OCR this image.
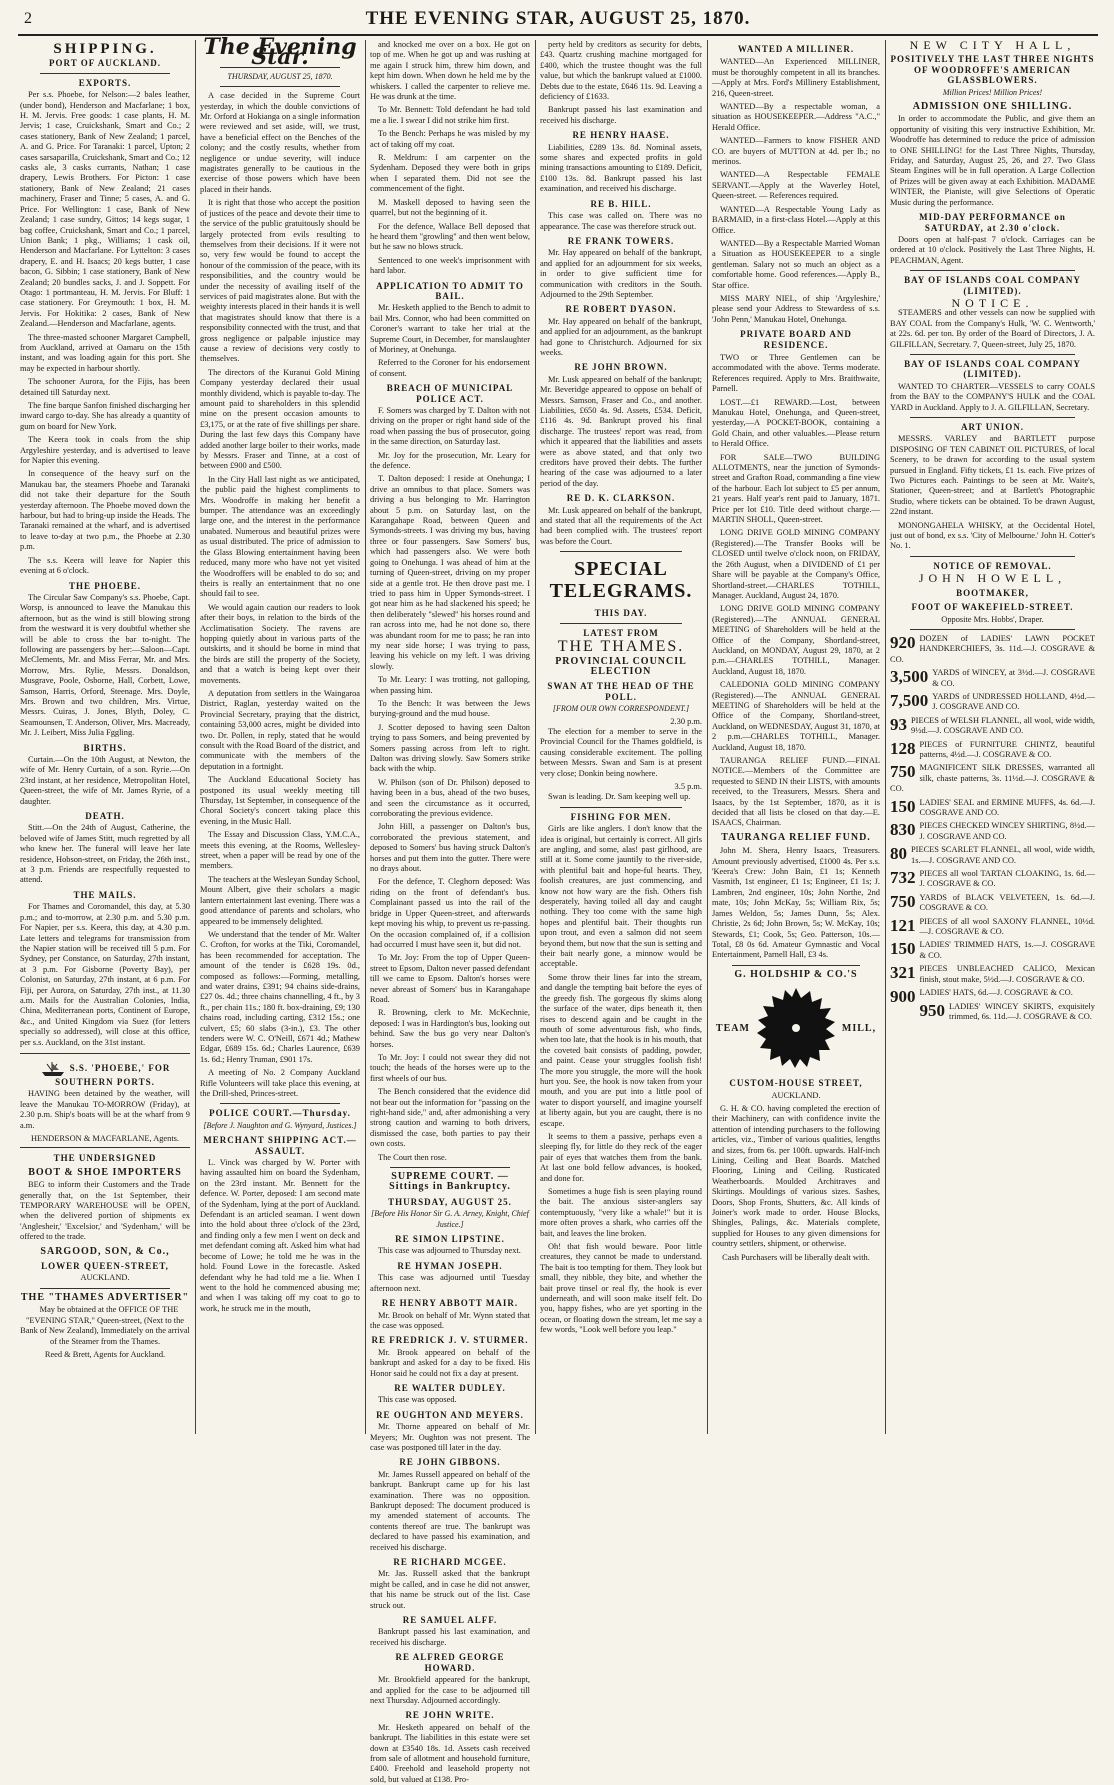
2	THE EVENING STAR, AUGUST 25, 1870.
SHIPPING.
PORT OF AUCKLAND.
EXPORTS.

Per s.s. Phoebe, for Nelson:—2 bales leather, (under bond), Henderson and Macfarlane; 1 box, H. M. Jervis. Free goods: 1 case plants, H. M. Jervis; 1 case, Cruickshank, Smart and Co.; 2 cases stationery, Bank of New Zealand; 1 parcel, A. and G. Price. For Taranaki: 1 parcel, Upton; 2 cases sarsaparilla, Cruickshank, Smart and Co.; 12 casks ale, 3 casks currants, Nathan; 1 case drapery, Lewis Brothers. For Picton: 1 case stationery, Bank of New Zealand; 21 cases machinery, Fraser and Tinne; 5 cases, A. and G. Price. For Wellington: 1 case, Bank of New Zealand; 1 case sundry, Gittos; 14 kegs sugar, 1 bag coffee, Cruickshank, Smart and Co.; 1 parcel, Union Bank; 1 pkg., Williams; 1 cask oil, Henderson and Macfarlane. For Lyttelton: 3 cases drapery, E. and H. Isaacs; 20 kegs butter, 1 case bacon, G. Sibbin; 1 case stationery, Bank of New Zealand; 20 bundles sacks, J. and J. Soppett. For Otago: 1 portmanteau, H. M. Jervis. For Bluff: 1 case stationery. For Greymouth: 1 box, H. M. Jervis. For Hokitika: 2 cases, Bank of New Zealand.—Henderson and Macfarlane, agents.

The three-masted schooner Margaret Campbell, from Auckland, arrived at Oamaru on the 15th instant, and was loading again for this port. She may be expected in harbour shortly.

The schooner Aurora, for the Fijis, has been detained till Saturday next.

The fine barque Sanfon finished discharging her inward cargo to-day. She has already a quantity of gum on board for New York.

The Keera took in coals from the ship Argyleshire yesterday, and is advertised to leave for Napier this evening.

In consequence of the heavy surf on the Manukau bar, the steamers Phoebe and Taranaki did not take their departure for the South yesterday afternoon. The Phoebe moved down the harbour, but had to bring-up inside the Heads. The Taranaki remained at the wharf, and is advertised to leave to-day at two p.m., the Phoebe at 2.30 p.m.

The s.s. Keera will leave for Napier this evening at 6 o'clock.

THE PHOEBE.

The Circular Saw Company's s.s. Phoebe, Capt. Worsp, is announced to leave the Manukau this afternoon, but as the wind is still blowing strong from the westward it is very doubtful whether she will be able to cross the bar to-night. The following are passengers by her:—Saloon—Capt. McClements, Mr. and Miss Ferrar, Mr. and Mrs. Morrow, Mrs. Rylie, Messrs. Donaldson, Musgrave, Poole, Osborne, Hall, Corbett, Lowe, Samson, Harris, Orford, Steenage. Mrs. Doyle, Mrs. Brown and two children, Mrs. Virtue, Messrs. Cuiras, J. Jones, Blyth, Doley, C. Seamounsen, T. Anderson, Oliver, Mrs. Macready, Mr. J. Leibert, Miss Julia Fggling.

BIRTHS.

Curtain.—On the 10th August, at Newton, the wife of Mr. Henry Curtain, of a son. Ryrie.—On 23rd instant, at her residence, Metropolitan Hotel, Queen-street, the wife of Mr. James Ryrie, of a daughter.

DEATH.

Stitt.—On the 24th of August, Catherine, the beloved wife of James Stitt, much regretted by all who knew her. The funeral will leave her late residence, Hobson-street, on Friday, the 26th inst., at 3 p.m. Friends are respectfully requested to attend.

THE MAILS.

For Thames and Coromandel, this day, at 5.30 p.m.; and to-morrow, at 2.30 p.m. and 5.30 p.m. For Napier, per s.s. Keera, this day, at 4.30 p.m. Late letters and telegrams for transmission from the Napier station will be received till 5 p.m. For Sydney, per Constance, on Saturday, 27th instant, at 3 p.m. For Gisborne (Poverty Bay), per Colonist, on Saturday, 27th instant, at 6 p.m. For Fiji, per Aurora, on Saturday, 27th inst., at 11.30 a.m. Mails for the Australian Colonies, India, China, Mediterranean ports, Continent of Europe, &c., and United Kingdom via Suez (for letters specially so addressed), will close at this office, per s.s. Auckland, on the 31st instant.

S.S. 'PHOEBE,' FOR SOUTHERN PORTS.

HAVING been detained by the weather, will leave the Manukau TO-MORROW (Friday), at 2.30 p.m. Ship's boats will be at the wharf from 9 a.m.

HENDERSON & MACFARLANE, Agents.
THE UNDERSIGNED
BOOT & SHOE IMPORTERS

BEG to inform their Customers and the Trade generally that, on the 1st September, their TEMPORARY WAREHOUSE will be OPEN, when the delivered portion of shipments ex 'Anglesheir,' 'Excelsior,' and 'Sydenham,' will be offered to the trade.

SARGOOD, SON, & Co.,
LOWER QUEEN-STREET,
AUCKLAND.
THE "THAMES ADVERTISER"

May be obtained at the OFFICE OF THE "EVENING STAR," Queen-street, (Next to the Bank of New Zealand), Immediately on the arrival of the Steamer from the Thames.

Reed & Brett, Agents for Auckland.
The Evening Star.
THURSDAY, AUGUST 25, 1870.

A case decided in the Supreme Court yesterday, in which the double convictions of Mr. Orford at Hokianga on a single information were reviewed and set aside, will, we trust, have a beneficial effect on the Benches of the colony; and the costly results, whether from negligence or undue severity, will induce magistrates generally to be cautious in the exercise of those powers which have been placed in their hands.

It is right that those who accept the position of justices of the peace and devote their time to the service of the public gratuitously should be largely protected from evils resulting to themselves from their decisions. If it were not so, very few would be found to accept the honour of the commission of the peace, with its responsibilities, and the country would be under the necessity of availing itself of the services of paid magistrates alone. But with the weighty interests placed in their hands it is well that magistrates should know that there is a responsibility connected with the trust, and that gross negligence or palpable injustice may cause a review of decisions very costly to themselves.

The directors of the Kuranui Gold Mining Company yesterday declared their usual monthly dividend, which is payable to-day. The amount paid to shareholders in this splendid mine on the present occasion amounts to £3,175, or at the rate of five shillings per share. During the last few days this Company have added another large boiler to their works, made by Messrs. Fraser and Tinne, at a cost of between £900 and £500.

In the City Hall last night as we anticipated, the public paid the highest compliments to Mrs. Woodroffe in making her benefit a bumper. The attendance was an exceedingly large one, and the interest in the performance unabated. Numerous and beautiful prizes were as usual distributed. The price of admission to the Glass Blowing entertainment having been reduced, many more who have not yet visited the Woodroffers will be enabled to do so; and theirs is really an entertainment that no one should fail to see.

We would again caution our readers to look after their boys, in relation to the birds of the Acclimatisation Society. The ravens are hopping quietly about in various parts of the outskirts, and it should be borne in mind that the birds are still the property of the Society, and that a watch is being kept over their movements.

A deputation from settlers in the Waingaroa District, Raglan, yesterday waited on the Provincial Secretary, praying that the district, containing 53,000 acres, might be divided into two. Dr. Pollen, in reply, stated that he would consult with the Road Board of the district, and communicate with the members of the deputation in a fortnight.

The Auckland Educational Society has postponed its usual weekly meeting till Thursday, 1st September, in consequence of the Choral Society's concert taking place this evening, in the Music Hall.

The Essay and Discussion Class, Y.M.C.A., meets this evening, at the Rooms, Wellesley-street, when a paper will be read by one of the members.

The teachers at the Wesleyan Sunday School, Mount Albert, give their scholars a magic lantern entertainment last evening. There was a good attendance of parents and scholars, who appeared to be immensely delighted.

We understand that the tender of Mr. Walter C. Crofton, for works at the Tiki, Coromandel, has been recommended for acceptation. The amount of the tender is £628 19s. 0d., composed as follows:—Forming, metalling, and water drains, £391; 94 chains side-drains, £27 0s. 4d.; three chains channelling, 4 ft., by 3 ft., per chain 11s.; 180 ft. box-draining, £9; 130 chains road, including carting, £312 15s.; one culvert, £5; 60 slabs (3-in.), £3. The other tenders were W. C. O'Neill, £671 4d.; Mathew Edgar, £689 15s. 6d.; Charles Laurence, £639 1s. 6d.; Henry Truman, £901 17s.

A meeting of No. 2 Company Auckland Rifle Volunteers will take place this evening, at the Drill-shed, Princes-street.

POLICE COURT.—Thursday.
[Before J. Naughton and G. Wynyard, Justices.]
MERCHANT SHIPPING ACT.—ASSAULT.

L. Vinck was charged by W. Porter with having assaulted him on board the Sydenham, on the 23rd instant. Mr. Bennett for the defence. W. Porter, deposed: I am second mate of the Sydenham, lying at the port of Auckland. Defendant is an articled seaman. I went down into the hold about three o'clock of the 23rd, and finding only a few men I went on deck and met defendant coming aft. Asked him what had become of Lowe; he told me he was in the hold. Found Lowe in the forecastle. Asked defendant why he had told me a lie. When I went to the hold he commenced abusing me; and when I was taking off my coat to go to work, he struck me in the mouth,

and knocked me over on a box. He got on top of me. When he got up and was rushing at me again I struck him, threw him down, and kept him down. When down he held me by the whiskers. I called the carpenter to relieve me. He was drunk at the time.

To Mr. Bennett: Told defendant he had told me a lie. I swear I did not strike him first.

To the Bench: Perhaps he was misled by my act of taking off my coat.

R. Meldrum: I am carpenter on the Sydenham. Deposed they were both in grips when I separated them. Did not see the commencement of the fight.

M. Maskell deposed to having seen the quarrel, but not the beginning of it.

For the defence, Wallace Bell deposed that he heard them "growling" and then went below, but he saw no blows struck.

Sentenced to one week's imprisonment with hard labor.

APPLICATION TO ADMIT TO BAIL.

Mr. Hesketh applied to the Bench to admit to bail Mrs. Connor, who had been committed on Coroner's warrant to take her trial at the Supreme Court, in December, for manslaughter of Moriney, at Onehunga.

Referred to the Coroner for his endorsement of consent.

BREACH OF MUNICIPAL POLICE ACT.

F. Somers was charged by T. Dalton with not driving on the proper or right hand side of the road when passing the bus of prosecutor, going in the same direction, on Saturday last.

Mr. Joy for the prosecution, Mr. Leary for the defence.

T. Dalton deposed: I reside at Onehunga; I drive an omnibus to that place. Somers was driving a bus belonging to Mr. Harrington about 5 p.m. on Saturday last, on the Karangahape Road, between Queen and Symonds-streets. I was driving my bus, having three or four passengers. Saw Somers' bus, which had passengers also. We were both going to Onehunga. I was ahead of him at the turning of Queen-street, driving on my proper side at a gentle trot. He then drove past me. I tried to pass him in Upper Symonds-street. I got near him as he had slackened his speed; he then deliberately "slewed" his horses round and ran across into me, had he not done so, there was abundant room for me to pass; he ran into my near side horse; I was trying to pass, leaving his vehicle on my left. I was driving slowly.

To Mr. Leary: I was trotting, not galloping, when passing him.

To the Bench: It was between the Jews burying-ground and the mud house.

J. Scotter deposed to having seen Dalton trying to pass Somers, and being prevented by Somers passing across from left to right. Dalton was driving slowly. Saw Somers strike back with the whip.

W. Philson (son of Dr. Philson) deposed to having been in a bus, ahead of the two buses, and seen the circumstance as it occurred, corroborating the previous evidence.

John Hill, a passenger on Dalton's bus, corroborated the previous statement, and deposed to Somers' bus having struck Dalton's horses and put them into the gutter. There were no drays about.

For the defence, T. Cleghorn deposed: Was riding on the front of defendant's bus. Complainant passed us into the rail of the bridge in Upper Queen-street, and afterwards kept moving his whip, to prevent us re-passing. On the occasion complained of, if a collision had occurred I must have seen it, but did not.

To Mr. Joy: From the top of Upper Queen-street to Epsom, Dalton never passed defendant till we came to Epsom. Dalton's horses were never abreast of Somers' bus in Karangahape Road.

R. Browning, clerk to Mr. McKechnie, deposed: I was in Hardington's bus, looking out behind. Saw the bus go very near Dalton's horses.

To Mr. Joy: I could not swear they did not touch; the heads of the horses were up to the first wheels of our bus.

The Bench considered that the evidence did not bear out the information for "passing on the right-hand side," and, after admonishing a very strong caution and warning to both drivers, dismissed the case, both parties to pay their own costs.

The Court then rose.

SUPREME COURT. — Sittings in Bankruptcy.
THURSDAY, AUGUST 25.
[Before His Honor Sir G. A. Arney, Knight, Chief Justice.]
RE SIMON LIPSTINE.

This case was adjourned to Thursday next.

RE HYMAN JOSEPH.

This case was adjourned until Tuesday afternoon next.

RE HENRY ABBOTT MAIR.

Mr. Brook on behalf of Mr. Wynn stated that the case was opposed.

RE FREDRICK J. V. STURMER.

Mr. Brook appeared on behalf of the bankrupt and asked for a day to be fixed. His Honor said he could not fix a day at present.

RE WALTER DUDLEY.

This case was opposed.

RE OUGHTON AND MEYERS.

Mr. Thorne appeared on behalf of Mr. Meyers; Mr. Oughton was not present. The case was postponed till later in the day.

RE JOHN GIBBONS.

Mr. James Russell appeared on behalf of the bankrupt. Bankrupt came up for his last examination. There was no opposition. Bankrupt deposed: The document produced is my amended statement of accounts. The contents thereof are true. The bankrupt was declared to have passed his examination, and received his discharge.

RE RICHARD MCGEE.

Mr. Jas. Russell asked that the bankrupt might be called, and in case he did not answer, that his name be struck out of the list. Case struck out.

RE SAMUEL ALFF.

Bankrupt passed his last examination, and received his discharge.

RE ALFRED GEORGE HOWARD.

Mr. Brookfield appeared for the bankrupt, and applied for the case to be adjourned till next Thursday. Adjourned accordingly.

RE JOHN WRITE.

Mr. Hesketh appeared on behalf of the bankrupt. The liabilities in this estate were set down at £3540 18s. 1d. Assets cash received from sale of allotment and household furniture, £400. Freehold and leasehold property not sold, but valued at £138. Pro-

perty held by creditors as security for debts, £43. Quartz crushing machine mortgaged for £400, which the trustee thought was the full value, but which the bankrupt valued at £1000. Debts due to the estate, £646 11s. 9d. Leaving a deficiency of £1633.

Bankrupt passed his last examination and received his discharge.

RE HENRY HAASE.

Liabilities, £289 13s. 8d. Nominal assets, some shares and expected profits in gold mining transactions amounting to £189. Deficit, £100 13s. 8d. Bankrupt passed his last examination, and received his discharge.

RE B. HILL.

This case was called on. There was no appearance. The case was therefore struck out.

RE FRANK TOWERS.

Mr. Hay appeared on behalf of the bankrupt, and applied for an adjournment for six weeks, in order to give sufficient time for communication with creditors in the South. Adjourned to the 29th September.

RE ROBERT DYASON.

Mr. Hay appeared on behalf of the bankrupt, and applied for an adjournment, as the bankrupt had gone to Christchurch. Adjourned for six weeks.

RE JOHN BROWN.

Mr. Lusk appeared on behalf of the bankrupt; Mr. Beveridge appeared to oppose on behalf of Messrs. Samson, Fraser and Co., and another. Liabilities, £650 4s. 9d. Assets, £534. Deficit, £116 4s. 9d. Bankrupt proved his final discharge. The trustees' report was read, from which it appeared that the liabilities and assets were as above stated, and that only two creditors have proved their debts. The further hearing of the case was adjourned to a later period of the day.

RE D. K. CLARKSON.

Mr. Lusk appeared on behalf of the bankrupt, and stated that all the requirements of the Act had been complied with. The trustees' report was before the Court.

SPECIAL TELEGRAMS.
THIS DAY.
LATEST FROM
THE THAMES.
PROVINCIAL COUNCIL ELECTION
SWAN AT THE HEAD OF THE POLL.
[FROM OUR OWN CORRESPONDENT.]
2.30 p.m.

The election for a member to serve in the Provincial Council for the Thames goldfield, is causing considerable excitement. The polling between Messrs. Swan and Sam is at present very close; Donkin being nowhere.

3.5 p.m.

Swan is leading. Dr. Sam keeping well up.

FISHING FOR MEN.

Girls are like anglers. I don't know that the idea is original, but certainly is correct. All girls are angling, and some, alas! past girlhood, are still at it. Some come jauntily to the river-side, with plentiful bait and hope-ful hearts. They, foolish creatures, are just commencing, and know not how wary are the fish. Others fish desperately, having toiled all day and caught nothing. They too come with the same high hopes and plentiful bait. Their thoughts run upon trout, and even a salmon did not seem beyond them, but now that the sun is setting and their bait nearly gone, a minnow would be acceptable.

Some throw their lines far into the stream, and dangle the tempting bait before the eyes of the greedy fish. The gorgeous fly skims along the surface of the water, dips beneath it, then rises to descend again and be caught in the mouth of some adventurous fish, who finds, when too late, that the hook is in his mouth, that the coveted bait consists of padding, powder, and paint. Cease your struggles foolish fish! The more you struggle, the more will the hook hurt you. See, the hook is now taken from your mouth, and you are put into a little pool of water to disport yourself, and imagine yourself at liberty again, but you are caught, there is no escape.

It seems to them a passive, perhaps even a sleeping fly, for little do they reck of the eager pair of eyes that watches them from the bank. At last one bold fellow advances, is hooked, and done for.

Sometimes a huge fish is seen playing round the bait. The anxious sister-anglers say contemptuously, "very like a whale!" but it is more often proves a shark, who carries off the bait, and leaves the line broken.

Oh! that fish would beware. Poor little creatures, they cannot be made to understand. The bait is too tempting for them. They look but small, they nibble, they bite, and whether the bait prove tinsel or real fly, the hook is ever underneath, and will soon make itself felt. Do you, happy fishes, who are yet sporting in the ocean, or floating down the stream, let me say a few words, "Look well before you leap."

WANTED A MILLINER.

WANTED—An Experienced MILLINER, must be thoroughly competent in all its branches.—Apply at Mrs. Ford's Millinery Establishment, 216, Queen-street.

WANTED—By a respectable woman, a situation as HOUSEKEEPER.—Address "A.C.," Herald Office.

WANTED—Farmers to know FISHER AND CO. are buyers of MUTTON at 4d. per lb.; no merinos.

WANTED—A Respectable FEMALE SERVANT.—Apply at the Waverley Hotel, Queen-street. — References required.

WANTED—A Respectable Young Lady as BARMAID, in a first-class Hotel.—Apply at this Office.

WANTED—By a Respectable Married Woman a Situation as HOUSEKEEPER to a single gentleman. Salary not so much an object as a comfortable home. Good references.—Apply B., Star office.

MISS MARY NIEL, of ship 'Argyleshire,' please send your Address to Stewardess of s.s. 'John Penn,' Manukau Hotel, Onehunga.

PRIVATE BOARD AND RESIDENCE.

TWO or Three Gentlemen can be accommodated with the above. Terms moderate. References required. Apply to Mrs. Braithwaite, Parnell.

LOST.—£1 REWARD.—Lost, between Manukau Hotel, Onehunga, and Queen-street, yesterday,—A POCKET-BOOK, containing a Gold Chain, and other valuables.—Please return to Herald Office.

FOR SALE—TWO BUILDING ALLOTMENTS, near the junction of Symonds-street and Grafton Road, commanding a fine view of the harbour. Each lot subject to £5 per annum, 21 years. Half year's rent paid to January, 1871. Price per lot £10. Title deed without charge.—MARTIN SHOLL, Queen-street.

LONG DRIVE GOLD MINING COMPANY (Registered).—The Transfer Books will be CLOSED until twelve o'clock noon, on FRIDAY, the 26th August, when a DIVIDEND of £1 per Share will be payable at the Company's Office, Shortland-street.—CHARLES TOTHILL, Manager. Auckland, August 24, 1870.

LONG DRIVE GOLD MINING COMPANY (Registered).—The ANNUAL GENERAL MEETING of Shareholders will be held at the Office of the Company, Shortland-street, Auckland, on MONDAY, August 29, 1870, at 2 p.m.—CHARLES TOTHILL, Manager. Auckland, August 18, 1870.

CALEDONIA GOLD MINING COMPANY (Registered).—The ANNUAL GENERAL MEETING of Shareholders will be held at the Office of the Company, Shortland-street, Auckland, on WEDNESDAY, August 31, 1870, at 2 p.m.—CHARLES TOTHILL, Manager. Auckland, August 18, 1870.

TAURANGA RELIEF FUND.—FINAL NOTICE.—Members of the Committee are requested to SEND IN their LISTS, with amounts received, to the Treasurers, Messrs. Shera and Isaacs, by the 1st September, 1870, as it is decided that all lists be closed on that day.—E. ISAACS, Chairman.

TAURANGA RELIEF FUND.

John M. Shera, Henry Isaacs, Treasurers. Amount previously advertised, £1000 4s. Per s.s. 'Keera's Crew: John Bain, £1 1s; Kenneth Vasmith, 1st engineer, £1 1s; Engineer, £1 1s; J. Lambren, 2nd engineer, 10s; John Northe, 2nd mate, 10s; John McKay, 5s; William Rix, 5s; James Weldon, 5s; James Dunn, 5s; Alex. Christie, 2s 6d; John Brown, 5s; W. McKay, 10s; Stewards, £1; Cook, 5s; Geo. Patterson, 10s.—Total, £8 0s 6d. Amateur Gymnastic and Vocal Entertainment, Parnell Hall, £3 4s.

G. HOLDSHIP & CO.'S
TEAM	MILL,
CUSTOM-HOUSE STREET,
AUCKLAND.

G. H. & CO. having completed the erection of their Machinery, can with confidence invite the attention of intending purchasers to the following articles, viz., Timber of various qualities, lengths and sizes, from 6s. per 100ft. upwards. Half-inch Lining, Ceiling and Beat Boards. Matched Flooring, Lining and Ceiling. Rusticated Weatherboards. Moulded Architraves and Skirtings. Mouldings of various sizes. Sashes, Doors, Shop Fronts, Shutters, &c. All kinds of Joiner's work made to order. House Blocks, Shingles, Palings, &c. Materials complete, supplied for Houses to any given dimensions for country settlers, shipment, or otherwise.

Cash Purchasers will be liberally dealt with.
NEW CITY HALL,
POSITIVELY THE LAST THREE NIGHTS OF WOODROFFE'S AMERICAN GLASSBLOWERS.
Million Prices! Million Prices!
ADMISSION ONE SHILLING.

In order to accommodate the Public, and give them an opportunity of visiting this very instructive Exhibition, Mr. Woodroffe has determined to reduce the price of admission to ONE SHILLING! for the Last Three Nights, Thursday, Friday, and Saturday, August 25, 26, and 27. Two Glass Steam Engines will be in full operation. A Large Collection of Prizes will be given away at each Exhibition. MADAME WINTER, the Pianiste, will give Selections of Operatic Music during the performance.

MID-DAY PERFORMANCE on SATURDAY, at 2.30 o'clock.

Doors open at half-past 7 o'clock. Carriages can be ordered at 10 o'clock. Positively the Last Three Nights, H. PEACHMAN, Agent.

BAY OF ISLANDS COAL COMPANY (LIMITED).
NOTICE.

STEAMERS and other vessels can now be supplied with BAY COAL from the Company's Hulk, 'W. C. Wentworth,' at 22s. 6d. per ton. By order of the Board of Directors, J. A. GILFILLAN, Secretary. 7, Queen-street, July 25, 1870.

BAY OF ISLANDS COAL COMPANY (LIMITED).

WANTED TO CHARTER—VESSELS to carry COALS from the BAY to the COMPANY'S HULK and the COAL YARD in Auckland. Apply to J. A. GILFILLAN, Secretary.

ART UNION.

MESSRS. VARLEY and BARTLETT purpose DISPOSING OF TEN CABINET OIL PICTURES, of local Scenery, to be drawn for according to the usual system pursued in England. Fifty tickets, £1 1s. each. Five prizes of Two Pictures each. Paintings to be seen at Mr. Waite's, Stationer, Queen-street; and at Bartlett's Photographic Studio, where tickets can be obtained. To be drawn August, 22nd instant.

MONONGAHELA WHISKY, at the Occidental Hotel, just out of bond, ex s.s. 'City of Melbourne.' John H. Cotter's No. 1.

NOTICE OF REMOVAL.
JOHN HOWELL,
BOOTMAKER,
FOOT OF WAKEFIELD-STREET.
Opposite Mrs. Hobbs', Draper.
920 DOZEN of LADIES' LAWN POCKET HANDKERCHIEFS, 3s. 11d.—J. COSGRAVE & CO.
3,500 YARDS of WINCEY, at 3½d.—J. COSGRAVE & CO.
7,500 YARDS of UNDRESSED HOLLAND, 4½d.—J. COSGRAVE AND CO.
93 PIECES of WELSH FLANNEL, all wool, wide width, 9½d.—J. COSGRAVE AND CO.
128 PIECES of FURNITURE CHINTZ, beautiful patterns, 4½d.—J. COSGRAVE & CO.
750 MAGNIFICENT SILK DRESSES, warranted all silk, chaste patterns, 3s. 11½d.—J. COSGRAVE & CO.
150 LADIES' SEAL and ERMINE MUFFS, 4s. 6d.—J. COSGRAVE AND CO.
830 PIECES CHECKED WINCEY SHIRTING, 8½d.—J. COSGRAVE AND CO.
80 PIECES SCARLET FLANNEL, all wool, wide width, 1s.—J. COSGRAVE AND CO.
732 PIECES all wool TARTAN CLOAKING, 1s. 6d.—J. COSGRAVE & CO.
750 YARDS of BLACK VELVETEEN, 1s. 6d.—J. COSGRAVE & CO.
121 PIECES of all wool SAXONY FLANNEL, 10½d.—J. COSGRAVE & CO.
150 LADIES' TRIMMED HATS, 1s.—J. COSGRAVE & CO.
321 PIECES UNBLEACHED CALICO, Mexican finish, stout make, 5½d.—J. COSGRAVE & CO.
900 LADIES' HATS, 6d.—J. COSGRAVE & CO.
950 LADIES' WINCEY SKIRTS, exquisitely trimmed, 6s. 11d.—J. COSGRAVE & CO.
